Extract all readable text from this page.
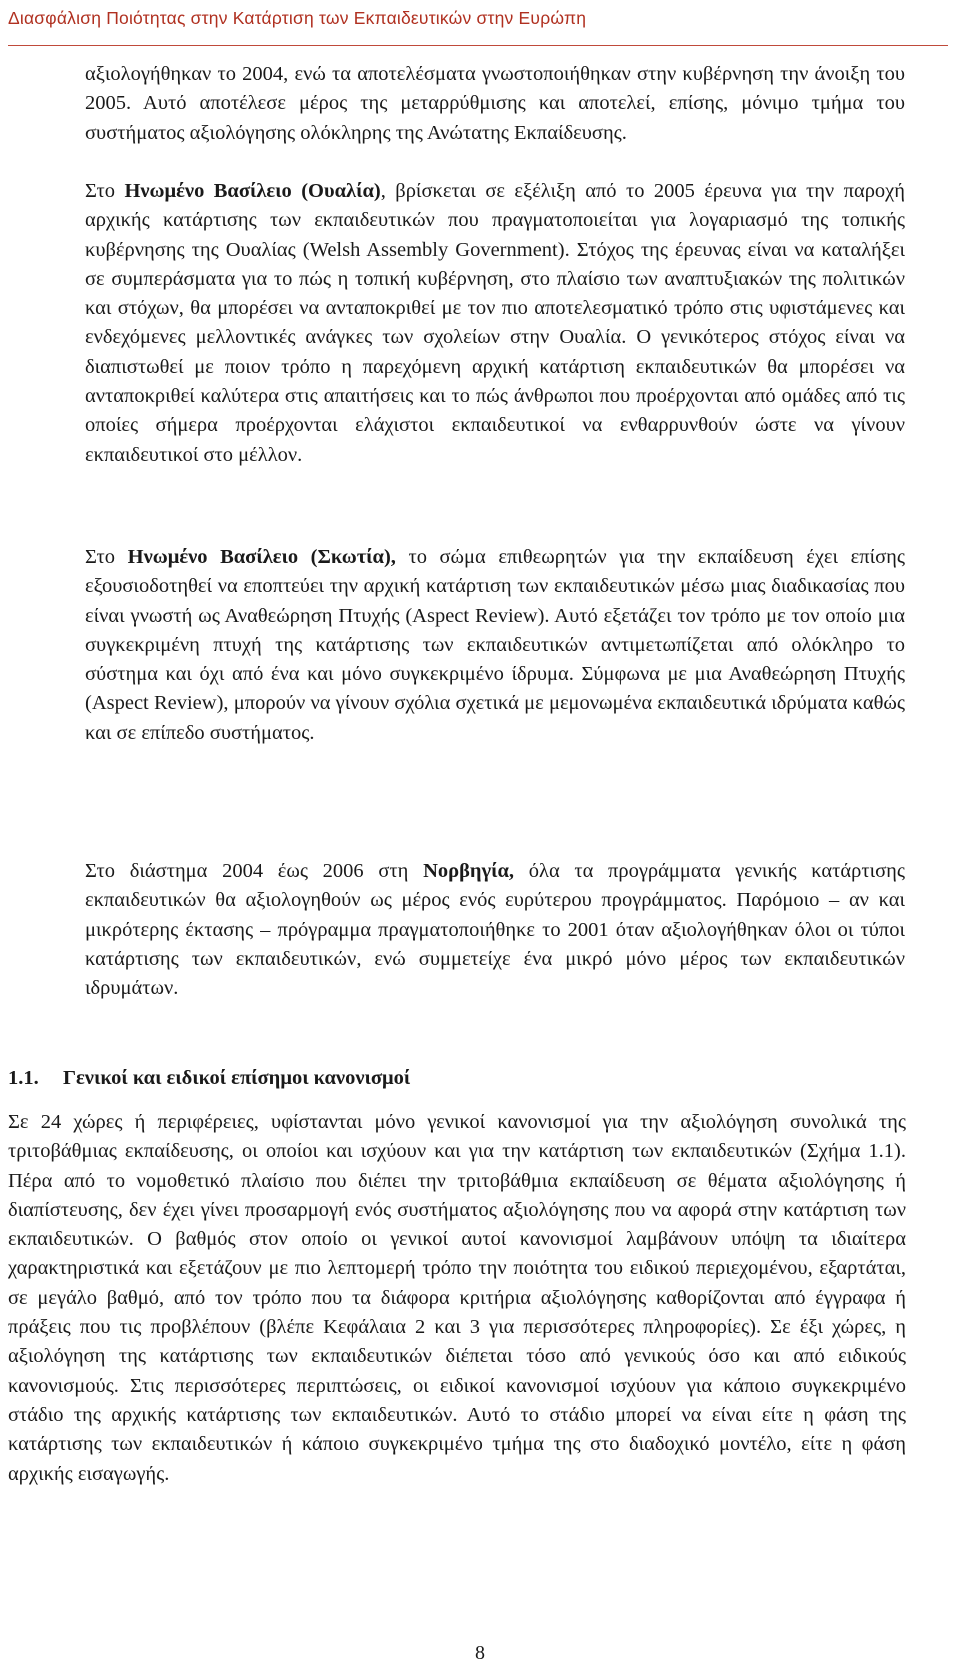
Διασφάλιση Ποιότητας στην Κατάρτιση των Εκπαιδευτικών στην Ευρώπη

αξιολογήθηκαν το 2004, ενώ τα αποτελέσματα γνωστοποιήθηκαν στην κυβέρνηση την άνοιξη του 2005. Αυτό αποτέλεσε μέρος της μεταρρύθμισης και αποτελεί, επίσης, μόνιμο τμήμα του συστήματος αξιολόγησης ολόκληρης της Ανώτατης Εκπαίδευσης.

Στο Ηνωμένο Βασίλειο (Ουαλία), βρίσκεται σε εξέλιξη από το 2005 έρευνα για την παροχή αρχικής κατάρτισης των εκπαιδευτικών που πραγματοποιείται για λογαριασμό της τοπικής κυβέρνησης της Ουαλίας (Welsh Assembly Government). Στόχος της έρευνας είναι να καταλήξει σε συμπεράσματα για το πώς η τοπική κυβέρνηση, στο πλαίσιο των αναπτυξιακών της πολιτικών και στόχων, θα μπορέσει να ανταποκριθεί με τον πιο αποτελεσματικό τρόπο στις υφιστάμενες και ενδεχόμενες μελλοντικές ανάγκες των σχολείων στην Ουαλία. Ο γενικότερος στόχος είναι να διαπιστωθεί με ποιον τρόπο η παρεχόμενη αρχική κατάρτιση εκπαιδευτικών θα μπορέσει να ανταποκριθεί καλύτερα στις απαιτήσεις και το πώς άνθρωποι που προέρχονται από ομάδες από τις οποίες σήμερα προέρχονται ελάχιστοι εκπαιδευτικοί να ενθαρρυνθούν ώστε να γίνουν εκπαιδευτικοί στο μέλλον.

Στο Ηνωμένο Βασίλειο (Σκωτία), το σώμα επιθεωρητών για την εκπαίδευση έχει επίσης εξουσιοδοτηθεί να εποπτεύει την αρχική κατάρτιση των εκπαιδευτικών μέσω μιας διαδικασίας που είναι γνωστή ως Αναθεώρηση Πτυχής (Aspect Review). Αυτό εξετάζει τον τρόπο με τον οποίο μια συγκεκριμένη πτυχή της κατάρτισης των εκπαιδευτικών αντιμετωπίζεται από ολόκληρο το σύστημα και όχι από ένα και μόνο συγκεκριμένο ίδρυμα. Σύμφωνα με μια Αναθεώρηση Πτυχής (Aspect Review), μπορούν να γίνουν σχόλια σχετικά με μεμονωμένα εκπαιδευτικά ιδρύματα καθώς και σε επίπεδο συστήματος.

Στο διάστημα 2004 έως 2006 στη Νορβηγία, όλα τα προγράμματα γενικής κατάρτισης εκπαιδευτικών θα αξιολογηθούν ως μέρος ενός ευρύτερου προγράμματος. Παρόμοιο – αν και μικρότερης έκτασης – πρόγραμμα πραγματοποιήθηκε το 2001 όταν αξιολογήθηκαν όλοι οι τύποι κατάρτισης των εκπαιδευτικών, ενώ συμμετείχε ένα μικρό μόνο μέρος των εκπαιδευτικών ιδρυμάτων.

1.1. Γενικοί και ειδικοί επίσημοι κανονισμοί

Σε 24 χώρες ή περιφέρειες, υφίστανται μόνο γενικοί κανονισμοί για την αξιολόγηση συνολικά της τριτοβάθμιας εκπαίδευσης, οι οποίοι και ισχύουν και για την κατάρτιση των εκπαιδευτικών (Σχήμα 1.1). Πέρα από το νομοθετικό πλαίσιο που διέπει την τριτοβάθμια εκπαίδευση σε θέματα αξιολόγησης ή διαπίστευσης, δεν έχει γίνει προσαρμογή ενός συστήματος αξιολόγησης που να αφορά στην κατάρτιση των εκπαιδευτικών. Ο βαθμός στον οποίο οι γενικοί αυτοί κανονισμοί λαμβάνουν υπόψη τα ιδιαίτερα χαρακτηριστικά και εξετάζουν με πιο λεπτομερή τρόπο την ποιότητα του ειδικού περιεχομένου, εξαρτάται, σε μεγάλο βαθμό, από τον τρόπο που τα διάφορα κριτήρια αξιολόγησης καθορίζονται από έγγραφα ή πράξεις που τις προβλέπουν (βλέπε Κεφάλαια 2 και 3 για περισσότερες πληροφορίες). Σε έξι χώρες, η αξιολόγηση της κατάρτισης των εκπαιδευτικών διέπεται τόσο από γενικούς όσο και από ειδικούς κανονισμούς. Στις περισσότερες περιπτώσεις, οι ειδικοί κανονισμοί ισχύουν για κάποιο συγκεκριμένο στάδιο της αρχικής κατάρτισης των εκπαιδευτικών. Αυτό το στάδιο μπορεί να είναι είτε η φάση της κατάρτισης των εκπαιδευτικών ή κάποιο συγκεκριμένο τμήμα της στο διαδοχικό μοντέλο, είτε η φάση αρχικής εισαγωγής.

8
